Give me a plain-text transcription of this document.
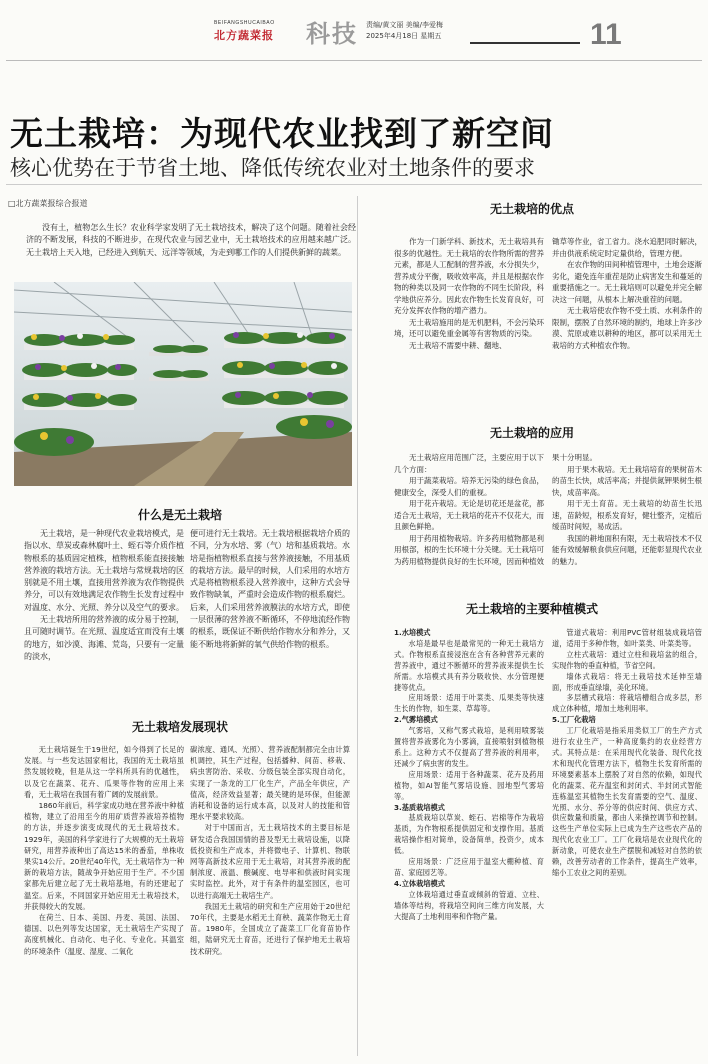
BEIFANGSHUCAIBAO
北方蔬菜报 科技 责编/黄文丽 美编/李爱梅
2025年4月18日 星期五	11
无土栽培：为现代农业找到了新空间
核心优势在于节省土地、降低传统农业对土地条件的要求
□北方蔬菜报综合报道
没有土，植物怎么生长？农业科学家发明了无土栽培技术，解决了这个问题。随着社会经济的不断发展，科技的不断进步，在现代农业与园艺业中，无土栽培技术的应用越来越广泛。无土栽培上天入地，已经进入到航天、远洋等领域，为走到哪工作的人们提供新鲜的蔬菜。
什么是无土栽培

无土栽培，是一种现代农业栽培模式，是指以水、草炭或森林腐叶土、蛭石等介质作植物根系的基质固定植株，植物根系能直接接触营养液的栽培方法。无土栽培与常规栽培的区别就是不用土壤，直接用营养液为农作物提供养分，可以有效地满足农作物生长发育过程中对温度、水分、光照、养分以及空气的要求。

无土栽培所用的营养液的成分易于控制，且可随时调节。在光照、温度适宜而没有土壤的地方，如沙漠、海滩、荒岛，只要有一定量的淡水，

便可进行无土栽培。无土栽培根据栽培介质的不同，分为水培、雾（气）培和基质栽培。水培是指植物根系直接与营养液接触，不用基质的栽培方法。最早的时候，人们采用的水培方式是将植物根系浸入营养液中，这种方式会导致作物缺氧，严重时会造成作物的根系腐烂。后来，人们采用营养液膜法的水培方式，即使一层很薄的营养液不断循环，不停地流经作物的根系，既保证不断供给作物水分和养分，又能不断地将新鲜的氧气供给作物的根系。

无土栽培发展现状

无土栽培诞生于19世纪，如今得到了长足的发展。与一些发达国家相比，我国的无土栽培虽然发展较晚，但是从这一学科所具有的优越性，以及它在蔬菜、花卉、瓜果等作物的应用上来看，无土栽培在我国有着广阔的发展前景。

1860年前后，科学家成功地在营养液中种植植物，建立了沿用至今的用矿质营养液培养植物的方法，并逐步演变成现代的无土栽培技术。1929年，美国的科学家进行了大规模的无土栽培研究，用营养液种出了高达15米的番茄，单株收果实14公斤。20世纪40年代，无土栽培作为一种新的栽培方法，随战争开始应用于生产。不少国家都先后建立起了无土栽培基地，有的还建起了温室。后来，不同国家开始应用无土栽培技术，并获得较大的发展。

在荷兰、日本、美国、丹麦、英国、法国、德国、以色列等发达国家，无土栽培生产实现了高度机械化、自动化、电子化、专业化。其温室的环境条件（温度、湿度、二氧化

碳浓度、通风、光照）、营养液配制都完全由计算机调控，其生产过程，包括播种、间苗、移栽、病虫害防治、采收、分级包装全部实现自动化，实现了一条龙的工厂化生产，产品全年供应，产值高，经济效益显著；最关键的是环保，但能源消耗和设备的运行成本高，以及对人的技能和管理水平要求较高。

对于中国而言，无土栽培技术的主要目标是研发适合我国国情的普及型无土栽培设施，以降低投资和生产成本，并将微电子、计算机、物联网等高新技术应用于无土栽培，对其营养液的配制浓度、液温、酸碱度、电导率和供液时间实现实时监控。此外，对于有条件的温室园区，也可以进行高端无土栽培生产。

我国无土栽培的研究和生产应用始于20世纪70年代，主要是水稻无土育秧、蔬菜作物无土育苗。1980年，全国成立了蔬菜工厂化育苗协作组，陆研究无土育苗，还进行了保护地无土栽培技术研究。

无土栽培的优点

作为一门新学科、新技术，无土栽培具有很多的优越性。无土栽培的农作物所需的营养元素，都是人工配制的营养液，水分损失少，营养成分平衡，吸收效率高，并且是根据农作物的种类以及同一农作物的不同生长阶段，科学地供应养分。因此农作物生长发育良好，可充分发挥农作物的增产潜力。

无土栽培施用的是无机肥料，不会污染环境，还可以避免重金属等有害物质的污染。

无土栽培不需要中耕、翻地、

锄草等作业，省工省力。浇水追肥同时解决，并由供液系统定时定量供给，管理方便。

在农作物的田间种植管理中，土地会逐渐劣化，避免连年重茬是防止病害发生和蔓延的重要措施之一。无土栽培则可以避免并完全解决这一问题，从根本上解决重茬的问题。

无土栽培使农作物不受土质、水利条件的限制，摆脱了自然环境的制约，地球上许多沙漠、荒原或难以耕种的地区，都可以采用无土栽培的方式种植农作物。

无土栽培的应用

无土栽培应用范围广泛，主要应用于以下几个方面：

用于蔬菜栽培。培养无污染的绿色食品，健康安全，深受人们的重视。

用于花卉栽培。无论是切花还是盆花，都适合无土栽培，无土栽培的花卉不仅花大，而且颜色鲜艳。

用于药用植物栽培。许多药用植物都是利用根部，根的生长环境十分关键。无土栽培可为药用植物提供良好的生长环境，因而种植效

果十分明显。

用于果木栽培。无土栽培培育的果树苗木的苗生长快，成活率高；并提供氮钾果树生根快，成苗率高。

用于无土育苗。无土栽培的幼苗生长迅速，苗龄短，根系发育好，健壮整齐，定植后缓苗时间短，易成活。

我国的耕地面积有限，无土栽培技术不仅能有效缓解粮食供应问题，还能彰显现代农业的魅力。

无土栽培的主要种植模式

1.水培模式

水培是最早也是最常见的一种无土栽培方式。作物根系直接浸泡在含有各种营养元素的营养液中，通过不断循环的营养液来提供生长所需。水培模式具有养分吸收快、水分管理便捷等优点。

应用场景：适用于叶菜类、瓜果类等快速生长的作物，如生菜、草莓等。

2.气雾培模式

气雾培，又称气雾式栽培，是利用喷雾装置将营养液雾化为小雾滴，直接喷射到植物根系上。这种方式不仅提高了营养液的利用率，还减少了病虫害的发生。

应用场景：适用于各种蔬菜、花卉及药用植物，如AI智能气雾培设施、园地型气雾培等。

3.基质栽培模式

基质栽培以草炭、蛭石、岩棉等作为栽培基质，为作物根系提供固定和支撑作用。基质栽培操作相对简单，设备简单，投资少，成本低。

应用场景：广泛应用于温室大棚种植、育苗、家庭园艺等。

4.立体栽培模式

立体栽培通过垂直或倾斜的管道、立柱、墙体等结构，将栽培空间向三维方向发展，大大提高了土地利用率和作物产量。

管道式栽培：利用PVC管材组装成栽培管道，适用于多种作物，如叶菜类、叶菜类等。

立柱式栽培：通过立柱和栽培盆的组合，实现作物的垂直种植，节省空间。

墙体式栽培：将无土栽培技术延伸至墙面，形成垂直绿墙，美化环境。

多层槽式栽培：将栽培槽组合成多层，形成立体种植，增加土地利用率。

5.工厂化栽培

工厂化栽培是指采用类似工厂的生产方式进行农业生产，一种高度集约的农业经营方式。其特点是：在采用现代化装备、现代化技术和现代化管理方法下，植物生长发育所需的环境要素基本上摆脱了对自然的依赖，如现代化的蔬菜、花卉温室和封闭式、半封闭式智能连栋温室其植物生长发育需要的空气、温度、光照、水分、养分等的供应时间、供应方式、供应数量和质量，都由人来操控调节和控制。这些生产单位实际上已成为生产这些农产品的现代化农业工厂。工厂化栽培是农业现代化的新动象，可使农业生产摆脱和减轻对自然的依赖，改善劳动者的工作条件，提高生产效率，缩小工农业之间的差别。
